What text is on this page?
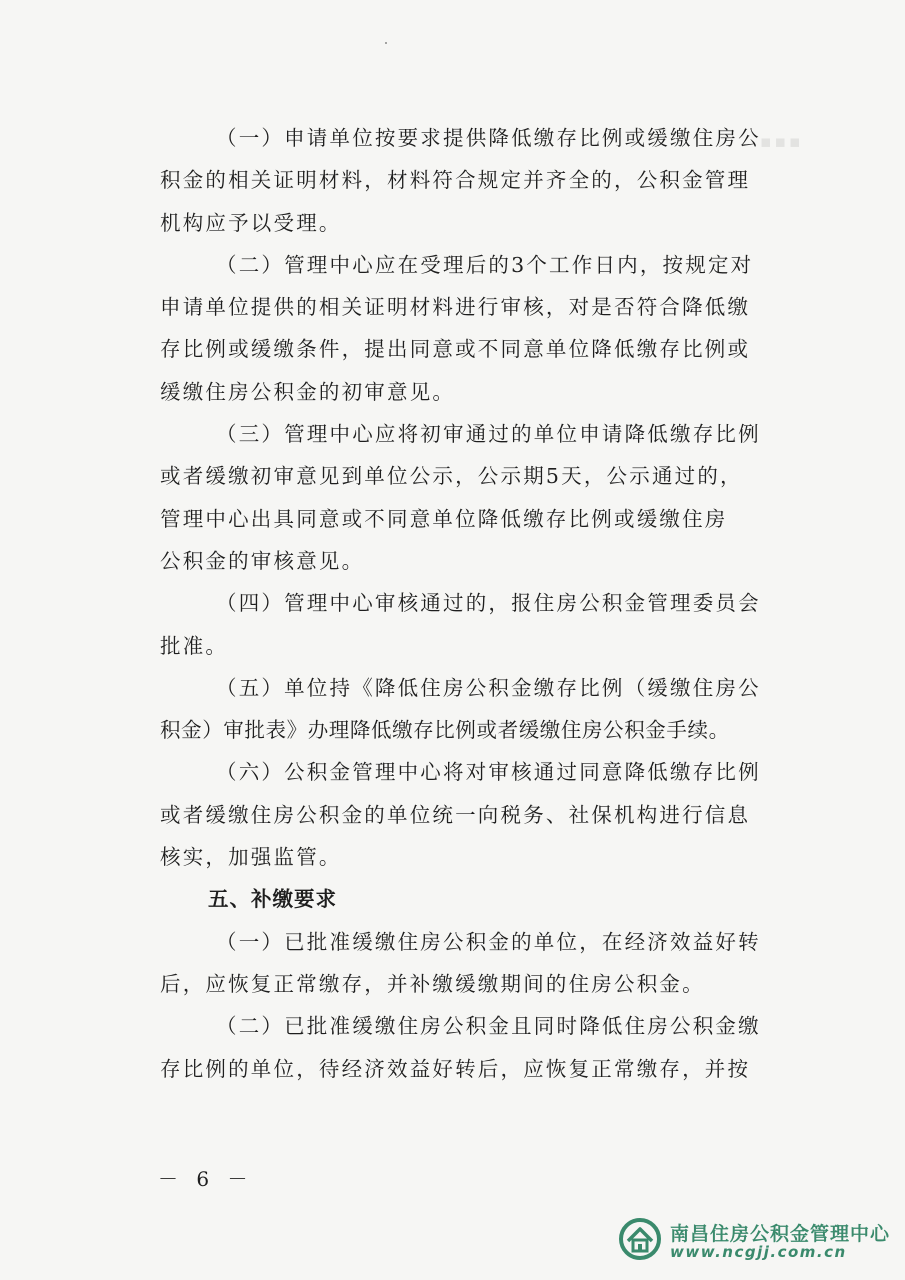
▪▪▪
（一）申请单位按要求提供降低缴存比例或缓缴住房公
积金的相关证明材料，材料符合规定并齐全的，公积金管理
机构应予以受理。
（二）管理中心应在受理后的3个工作日内，按规定对
申请单位提供的相关证明材料进行审核，对是否符合降低缴
存比例或缓缴条件，提出同意或不同意单位降低缴存比例或
缓缴住房公积金的初审意见。
（三）管理中心应将初审通过的单位申请降低缴存比例
或者缓缴初审意见到单位公示，公示期5天，公示通过的，
管理中心出具同意或不同意单位降低缴存比例或缓缴住房
公积金的审核意见。
（四）管理中心审核通过的，报住房公积金管理委员会
批准。
（五）单位持《降低住房公积金缴存比例（缓缴住房公
积金）审批表》办理降低缴存比例或者缓缴住房公积金手续。
（六）公积金管理中心将对审核通过同意降低缴存比例
或者缓缴住房公积金的单位统一向税务、社保机构进行信息
核实，加强监管。
五、补缴要求
（一）已批准缓缴住房公积金的单位，在经济效益好转
后，应恢复正常缴存，并补缴缓缴期间的住房公积金。
（二）已批准缓缴住房公积金且同时降低住房公积金缴
存比例的单位，待经济效益好转后，应恢复正常缴存，并按
－ 6 －
南昌住房公积金管理中心
www.ncgjj.com.cn
